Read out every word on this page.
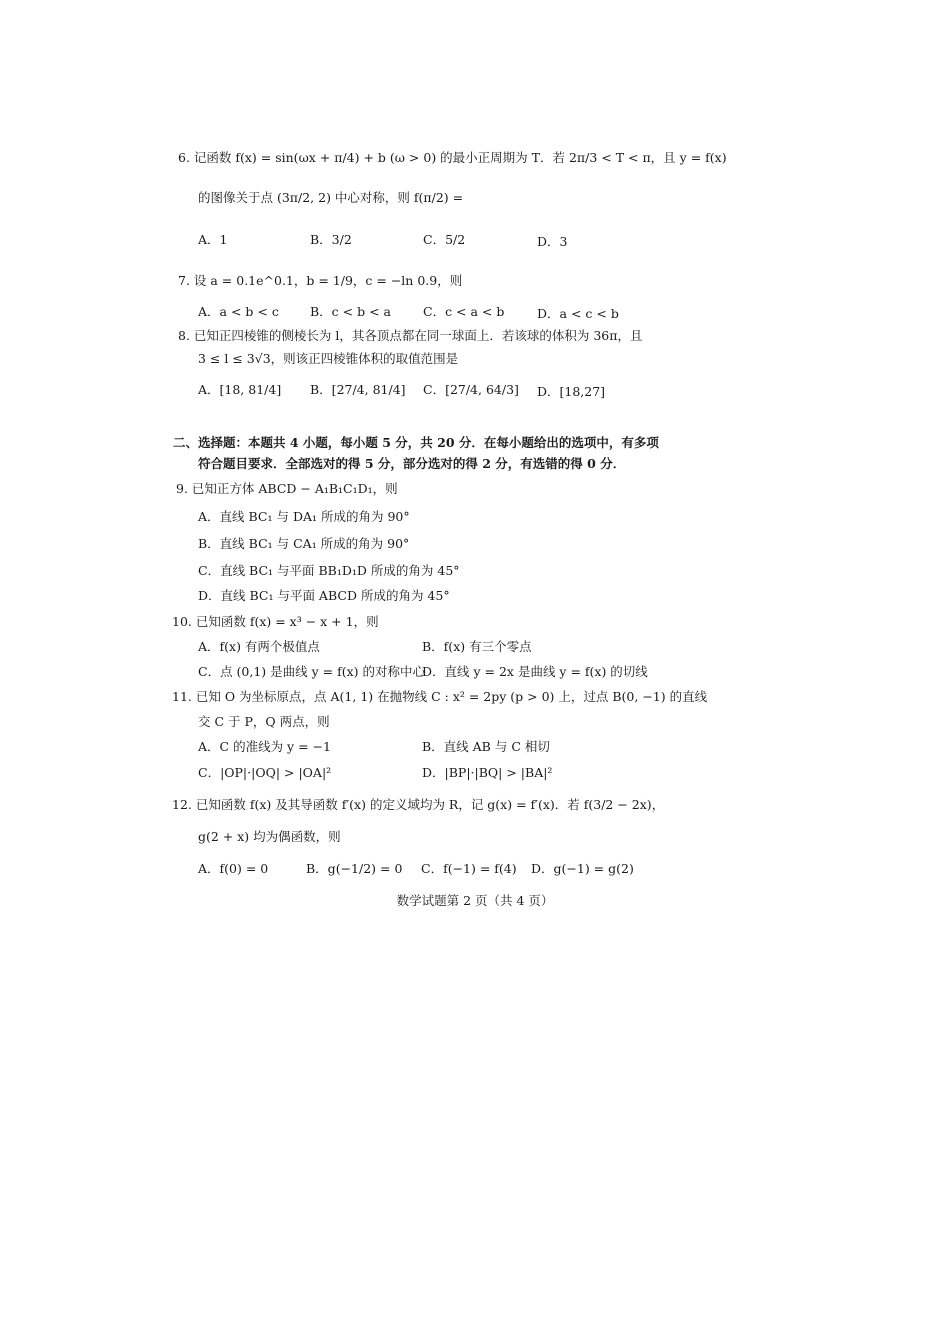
6. 记函数 f(x) = sin(ωx + π/4) + b (ω > 0) 的最小正周期为 T．若 2π/3 < T < π，且 y = f(x)
的图像关于点 (3π/2, 2) 中心对称，则 f(π/2) =
A．1	B．3/2	C．5/2	D．3
7. 设 a = 0.1e^0.1，b = 1/9，c = −ln 0.9，则
A．a < b < c B．c < b < a	C．c < a < b	D．a < c < b
8. 已知正四棱锥的侧棱长为 l，其各顶点都在同一球面上．若该球的体积为 36π，且
3 ≤ l ≤ 3√3，则该正四棱锥体积的取值范围是
A．[18, 81/4] B．[27/4, 81/4] C．[27/4, 64/3] D．[18,27]
二、选择题：本题共 4 小题，每小题 5 分，共 20 分．在每小题给出的选项中，有多项
符合题目要求．全部选对的得 5 分，部分选对的得 2 分，有选错的得 0 分．
9. 已知正方体 ABCD − A₁B₁C₁D₁，则
A．直线 BC₁ 与 DA₁ 所成的角为 90°
B．直线 BC₁ 与 CA₁ 所成的角为 90°
C．直线 BC₁ 与平面 BB₁D₁D 所成的角为 45°
D．直线 BC₁ 与平面 ABCD 所成的角为 45°
10. 已知函数 f(x) = x³ − x + 1，则
A．f(x) 有两个极值点	B．f(x) 有三个零点
C．点 (0,1) 是曲线 y = f(x) 的对称中心
D．直线 y = 2x 是曲线 y = f(x) 的切线
11. 已知 O 为坐标原点，点 A(1, 1) 在抛物线 C : x² = 2py (p > 0) 上，过点 B(0, −1) 的直线
交 C 于 P，Q 两点，则
A．C 的准线为 y = −1	B．直线 AB 与 C 相切
C．|OP|·|OQ| > |OA|²	D．|BP|·|BQ| > |BA|²
12. 已知函数 f(x) 及其导函数 f′(x) 的定义域均为 R，记 g(x) = f′(x)．若 f(3/2 − 2x)，
g(2 + x) 均为偶函数，则
A．f(0) = 0	B．g(−1/2) = 0 C．f(−1) = f(4) D．g(−1) = g(2)
数学试题第 2 页（共 4 页）
